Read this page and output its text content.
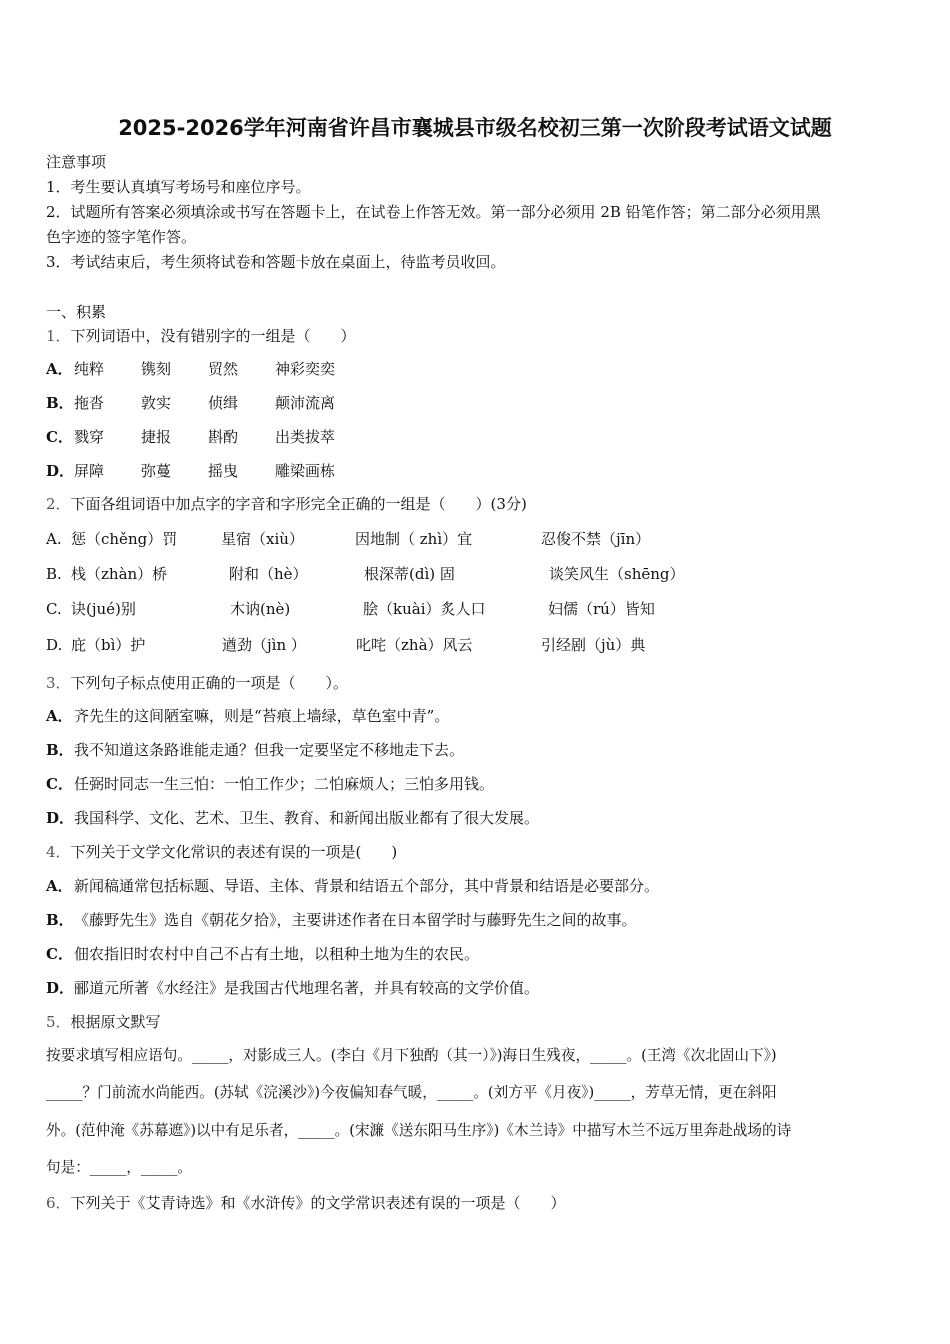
2025-2026学年河南省许昌市襄城县市级名校初三第一次阶段考试语文试题
注意事项
1．考生要认真填写考场号和座位序号。
2．试题所有答案必须填涂或书写在答题卡上，在试卷上作答无效。第一部分必须用 2B 铅笔作答；第二部分必须用黑
色字迹的签字笔作答。
3．考试结束后，考生须将试卷和答题卡放在桌面上，待监考员收回。
一、积累
1．下列词语中，没有错别字的一组是（　　）
A．纯粹 镌刻 贸然 神彩奕奕
B．拖沓 敦实 侦缉 颠沛流离
C．戮穿 捷报 斟酌 出类拔萃
D．屏障 弥蔓 摇曳 雕梁画栋
2．下面各组词语中加点字的字音和字形完全正确的一组是（　　）(3分)
A. 惩（chěng）罚	星宿（xiù）	因地制（ zhì）宜	忍俊不禁（jīn）
B. 栈（zhàn）桥	附和（hè）	根深蒂(dì) 固	谈笑风生（shēng）
C. 诀(jué)别	木讷(nè)	脍（kuài）炙人口	妇儒（rú）皆知
D. 庇（bì）护	遒劲（jìn ）	叱咤（zhà）风云	引经剧（jù）典
3．下列句子标点使用正确的一项是（　　）。
A．齐先生的这间陋室嘛，则是“苔痕上墙绿，草色室中青”。
B．我不知道这条路谁能走通？但我一定要坚定不移地走下去。
C．任弼时同志一生三怕：一怕工作少；二怕麻烦人；三怕多用钱。
D．我国科学、文化、艺术、卫生、教育、和新闻出版业都有了很大发展。
4．下列关于文学文化常识的表述有误的一项是(　　)
A．新闻稿通常包括标题、导语、主体、背景和结语五个部分，其中背景和结语是必要部分。
B．《藤野先生》选自《朝花夕拾》，主要讲述作者在日本留学时与藤野先生之间的故事。
C．佃农指旧时农村中自己不占有土地，以租种土地为生的农民。
D．郦道元所著《水经注》是我国古代地理名著，并具有较高的文学价值。
5．根据原文默写
按要求填写相应语句。_____，对影成三人。(李白《月下独酌（其一）》)海日生残夜，_____。(王湾《次北固山下》)
_____？门前流水尚能西。(苏轼《浣溪沙》)今夜偏知春气暖，_____。(刘方平《月夜》)_____，芳草无情，更在斜阳
外。(范仲淹《苏幕遮》)以中有足乐者，_____。(宋濂《送东阳马生序》)《木兰诗》中描写木兰不远万里奔赴战场的诗
句是：_____，_____。
6．下列关于《艾青诗选》和《水浒传》的文学常识表述有误的一项是（　　）
